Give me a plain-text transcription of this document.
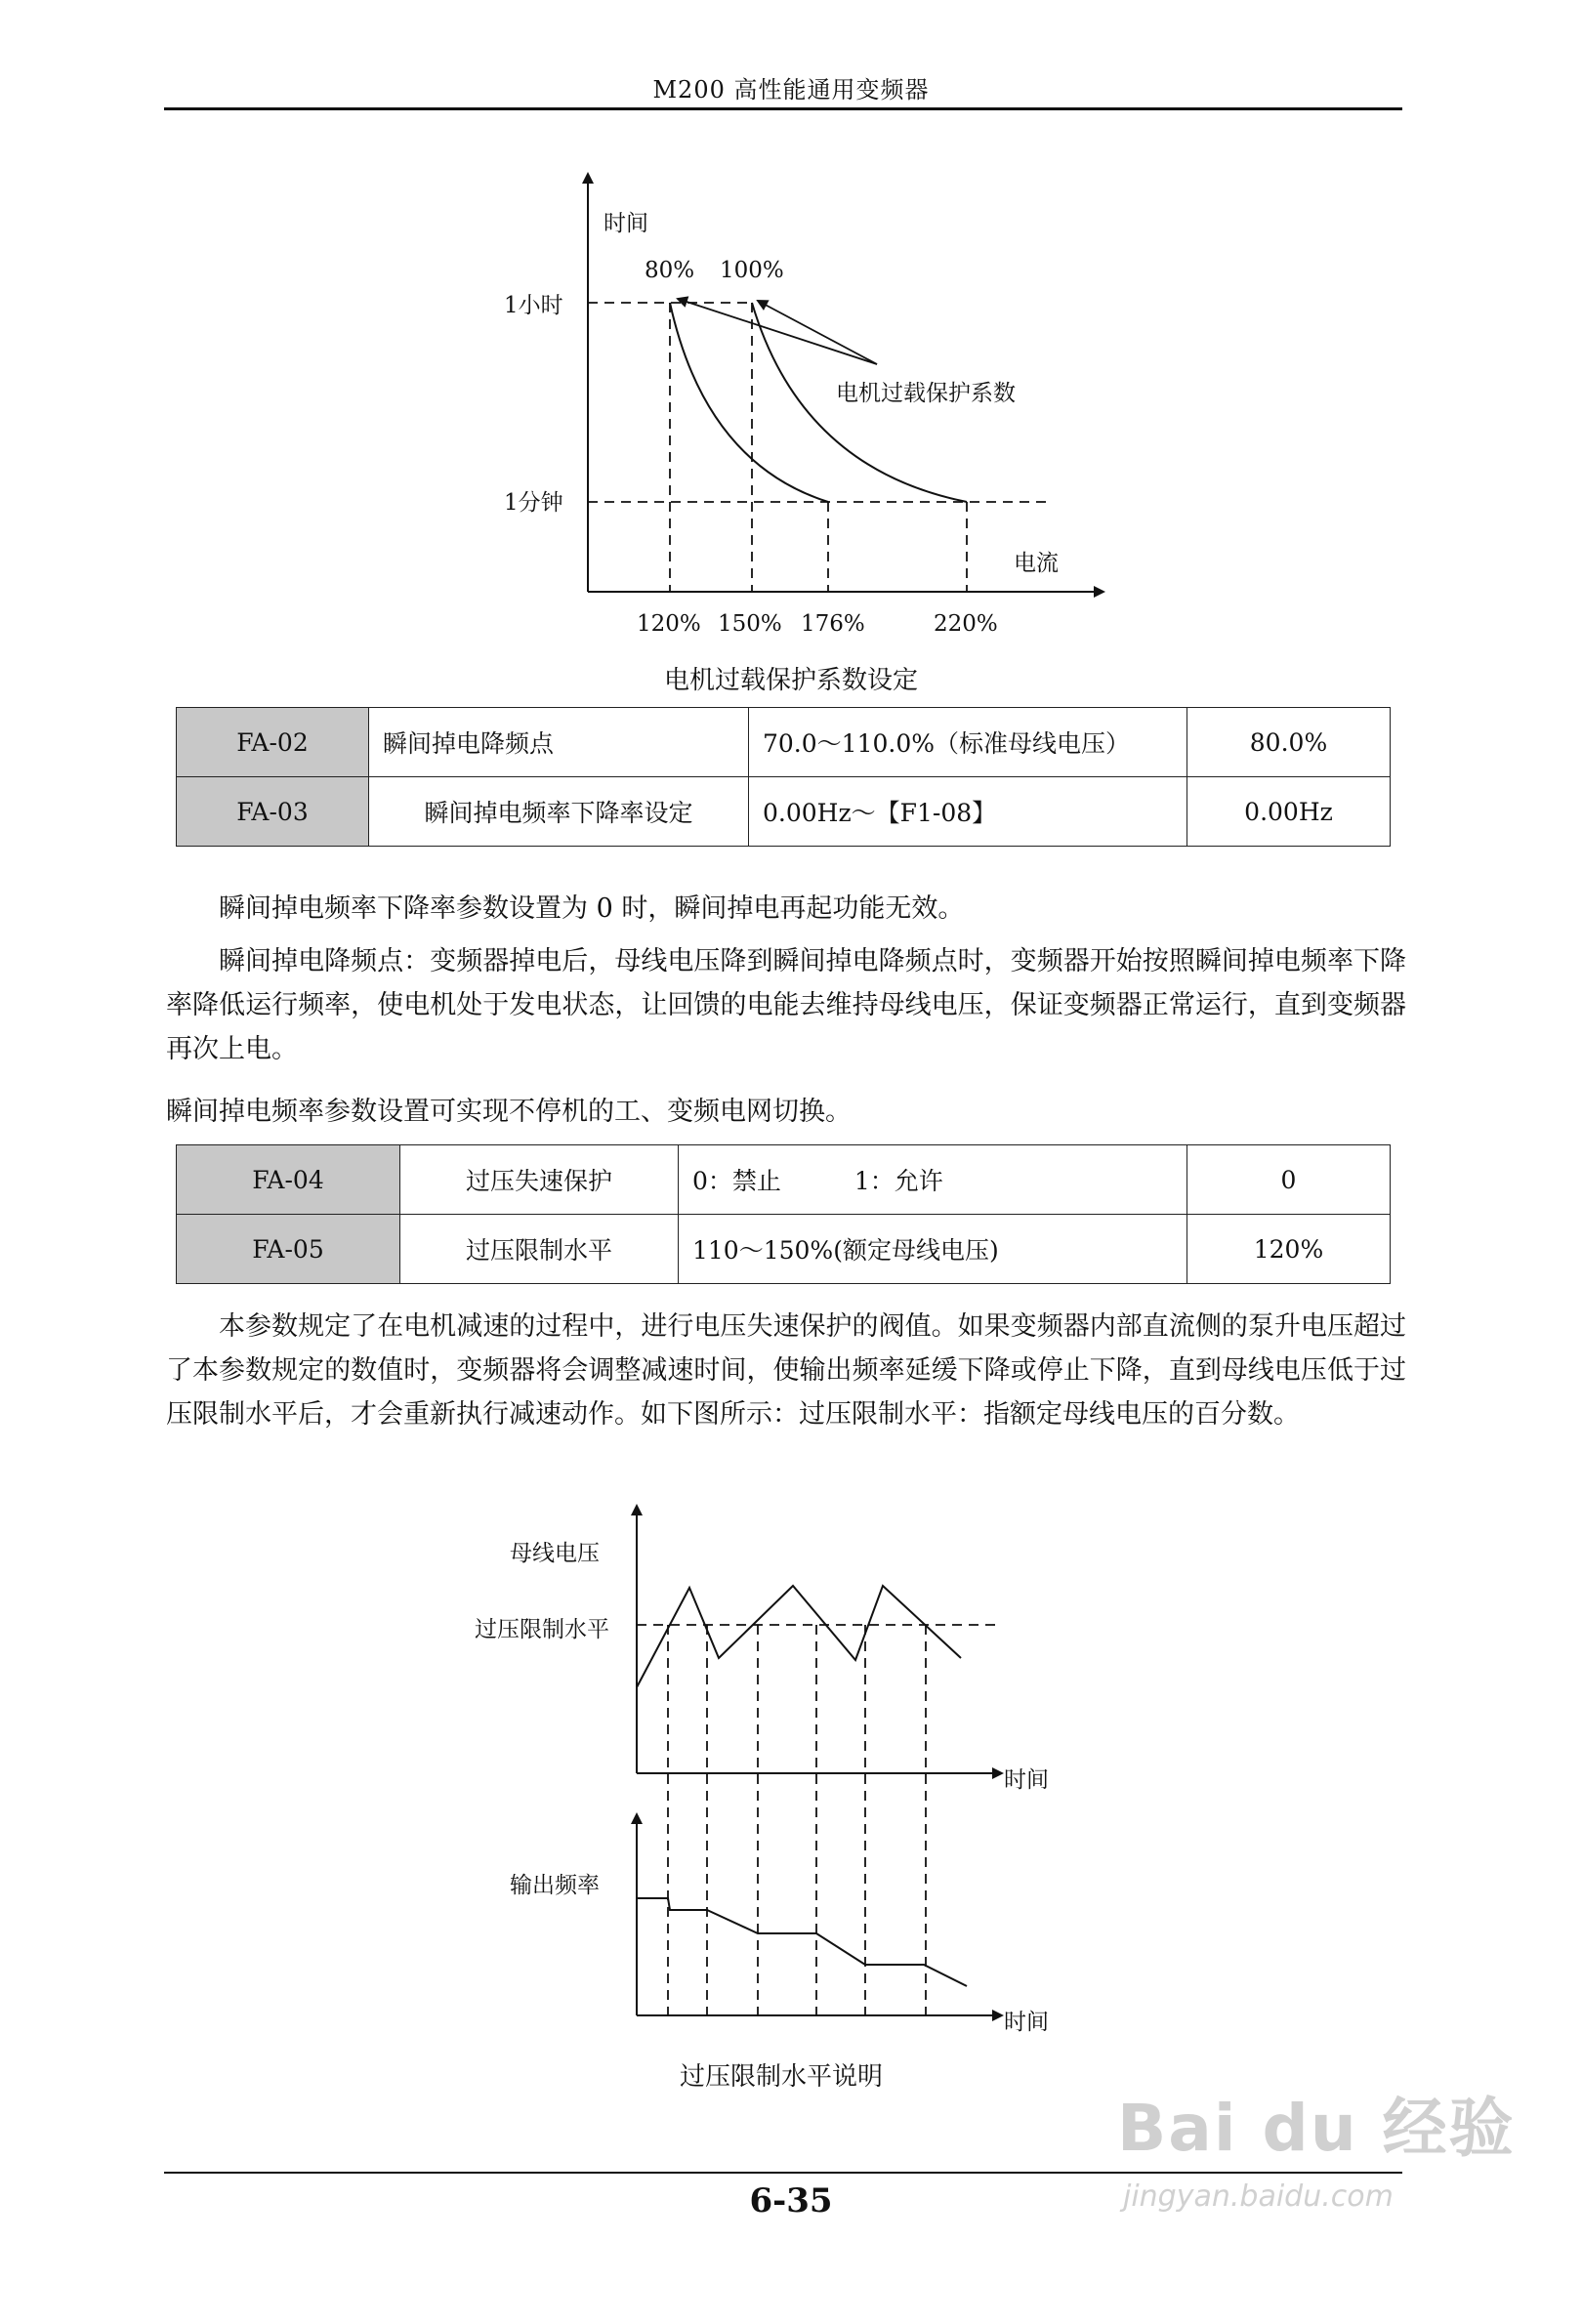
M200 高性能通用变频器
时间
电流
1小时
1分钟
120% 150% 176%	220%
80% 100%
电机过载保护系数
电机过载保护系数设定
FA-02	瞬间掉电降频点	70.0～110.0%（标准母线电压）	80.0%
FA-03	瞬间掉电频率下降率设定	0.00Hz～【F1-08】	0.00Hz
瞬间掉电频率下降率参数设置为 0 时，瞬间掉电再起功能无效。
瞬间掉电降频点：变频器掉电后，母线电压降到瞬间掉电降频点时，变频器开始按照瞬间掉电频率下降率降低运行频率，使电机处于发电状态，让回馈的电能去维持母线电压，保证变频器正常运行，直到变频器再次上电。
瞬间掉电频率参数设置可实现不停机的工、变频电网切换。
FA-04	过压失速保护	0：禁止　　　1：允许	0
FA-05	过压限制水平	110～150%(额定母线电压)	120%
本参数规定了在电机减速的过程中，进行电压失速保护的阀值。如果变频器内部直流侧的泵升电压超过了本参数规定的数值时，变频器将会调整减速时间，使输出频率延缓下降或停止下降，直到母线电压低于过压限制水平后，才会重新执行减速动作。如下图所示：过压限制水平：指额定母线电压的百分数。
母线电压
过压限制水平
时间
输出频率
时间
过压限制水平说明
6-35
Bai du 经验
jingyan.baidu.com
